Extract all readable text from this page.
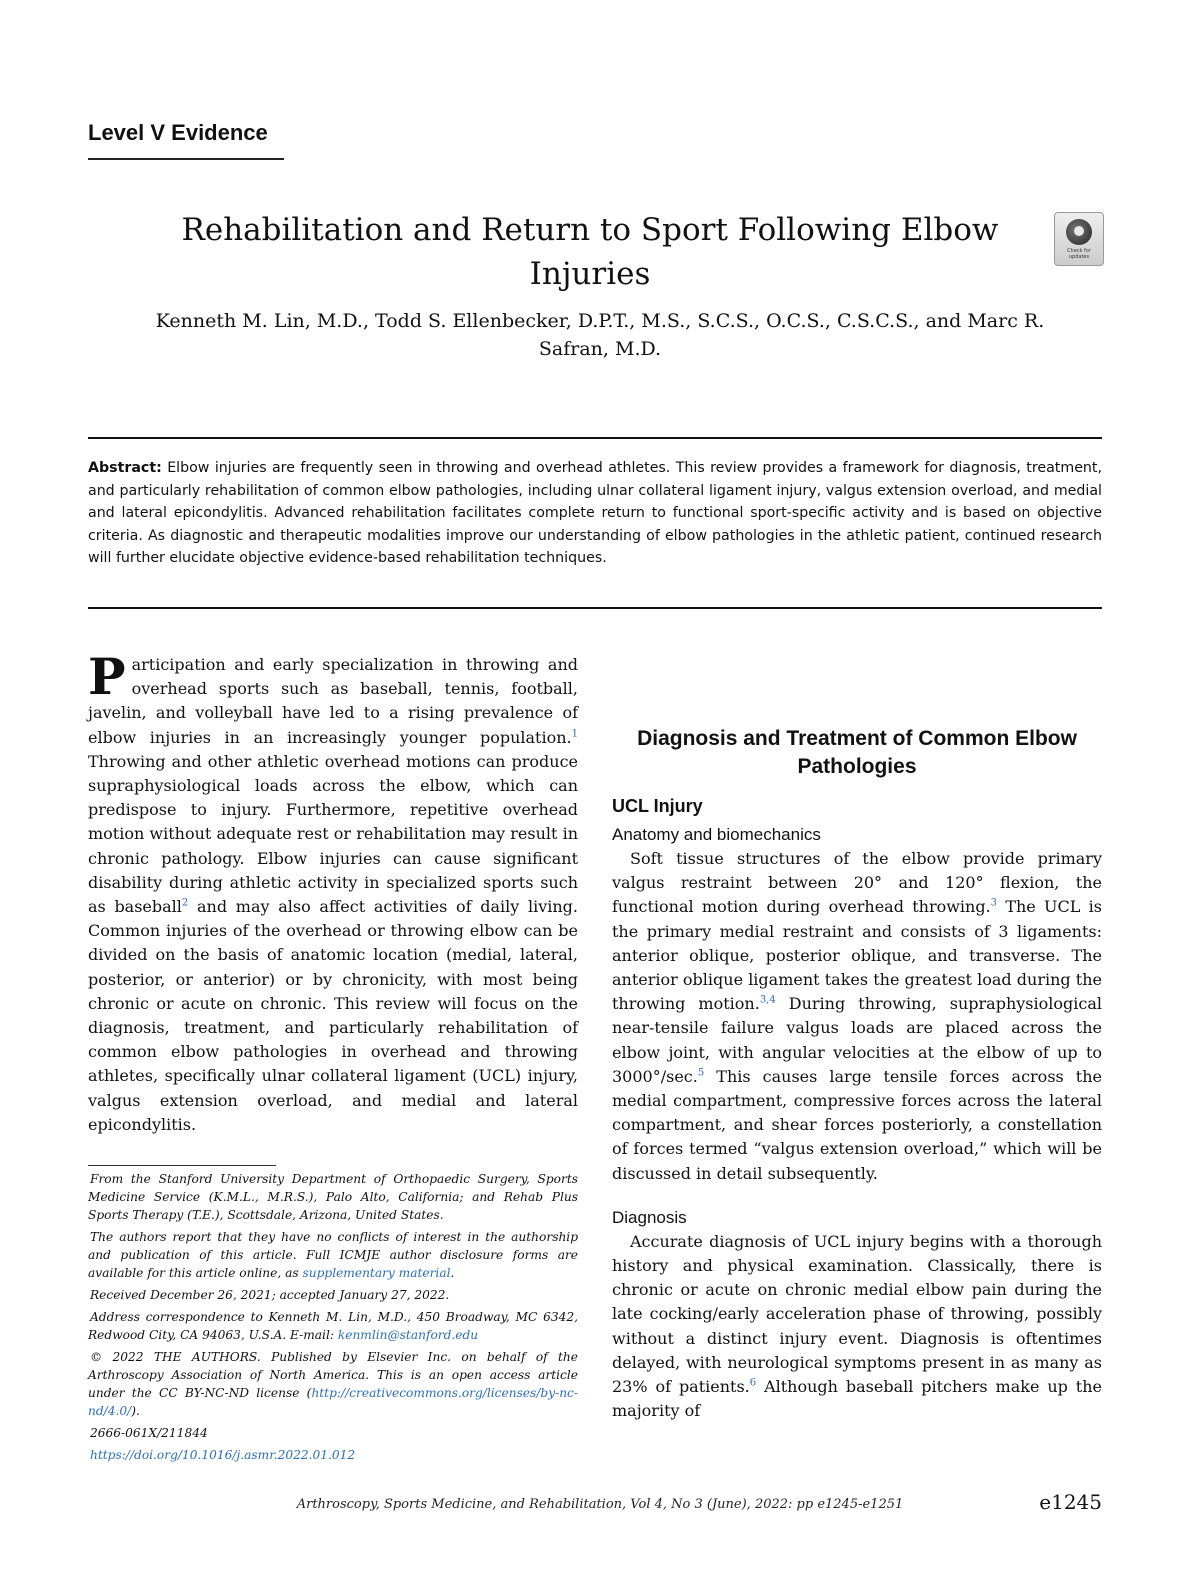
Level V Evidence
Rehabilitation and Return to Sport Following Elbow Injuries
Check for updates
Kenneth M. Lin, M.D., Todd S. Ellenbecker, D.P.T., M.S., S.C.S., O.C.S., C.S.C.S., and Marc R. Safran, M.D.
Abstract: Elbow injuries are frequently seen in throwing and overhead athletes. This review provides a framework for diagnosis, treatment, and particularly rehabilitation of common elbow pathologies, including ulnar collateral ligament injury, valgus extension overload, and medial and lateral epicondylitis. Advanced rehabilitation facilitates complete return to functional sport-specific activity and is based on objective criteria. As diagnostic and therapeutic modalities improve our understanding of elbow pathologies in the athletic patient, continued research will further elucidate objective evidence-based rehabilitation techniques.

Participation and early specialization in throwing and overhead sports such as baseball, tennis, football, javelin, and volleyball have led to a rising prevalence of elbow injuries in an increasingly younger population.$^1$ Throwing and other athletic overhead motions can produce supraphysiological loads across the elbow, which can predispose to injury. Furthermore, repetitive overhead motion without adequate rest or rehabilitation may result in chronic pathology. Elbow injuries can cause significant disability during athletic activity in specialized sports such as baseball$^2$ and may also affect activities of daily living. Common injuries of the overhead or throwing elbow can be divided on the basis of anatomic location (medial, lateral, posterior, or anterior) or by chronicity, with most being chronic or acute on chronic. This review will focus on the diagnosis, treatment, and particularly rehabilitation of common elbow pathologies in overhead and throwing athletes, specifically ulnar collateral ligament (UCL) injury, valgus extension overload, and medial and lateral epicondylitis.

From the Stanford University Department of Orthopaedic Surgery, Sports Medicine Service (K.M.L., M.R.S.), Palo Alto, California; and Rehab Plus Sports Therapy (T.E.), Scottsdale, Arizona, United States.

The authors report that they have no conflicts of interest in the authorship and publication of this article. Full ICMJE author disclosure forms are available for this article online, as supplementary material.

Received December 26, 2021; accepted January 27, 2022.

Address correspondence to Kenneth M. Lin, M.D., 450 Broadway, MC 6342, Redwood City, CA 94063, U.S.A. E-mail: kenmlin@stanford.edu

© 2022 THE AUTHORS. Published by Elsevier Inc. on behalf of the Arthroscopy Association of North America. This is an open access article under the CC BY-NC-ND license (http://creativecommons.org/licenses/by-nc-nd/4.0/).

2666-061X/211844

https://doi.org/10.1016/j.asmr.2022.01.012

Diagnosis and Treatment of Common Elbow Pathologies
UCL Injury
Anatomy and biomechanics

Soft tissue structures of the elbow provide primary valgus restraint between 20° and 120° flexion, the functional motion during overhead throwing.$^3$ The UCL is the primary medial restraint and consists of 3 ligaments: anterior oblique, posterior oblique, and transverse. The anterior oblique ligament takes the greatest load during the throwing motion.$^{3,4}$ During throwing, supraphysiological near-tensile failure valgus loads are placed across the elbow joint, with angular velocities at the elbow of up to 3000°/sec.$^5$ This causes large tensile forces across the medial compartment, compressive forces across the lateral compartment, and shear forces posteriorly, a constellation of forces termed “valgus extension overload,” which will be discussed in detail subsequently.

Diagnosis

Accurate diagnosis of UCL injury begins with a thorough history and physical examination. Classically, there is chronic or acute on chronic medial elbow pain during the late cocking/early acceleration phase of throwing, possibly without a distinct injury event. Diagnosis is oftentimes delayed, with neurological symptoms present in as many as 23% of patients.$^6$ Although baseball pitchers make up the majority of

Arthroscopy, Sports Medicine, and Rehabilitation, Vol 4, No 3 (June), 2022: pp e1245-e1251	e1245
